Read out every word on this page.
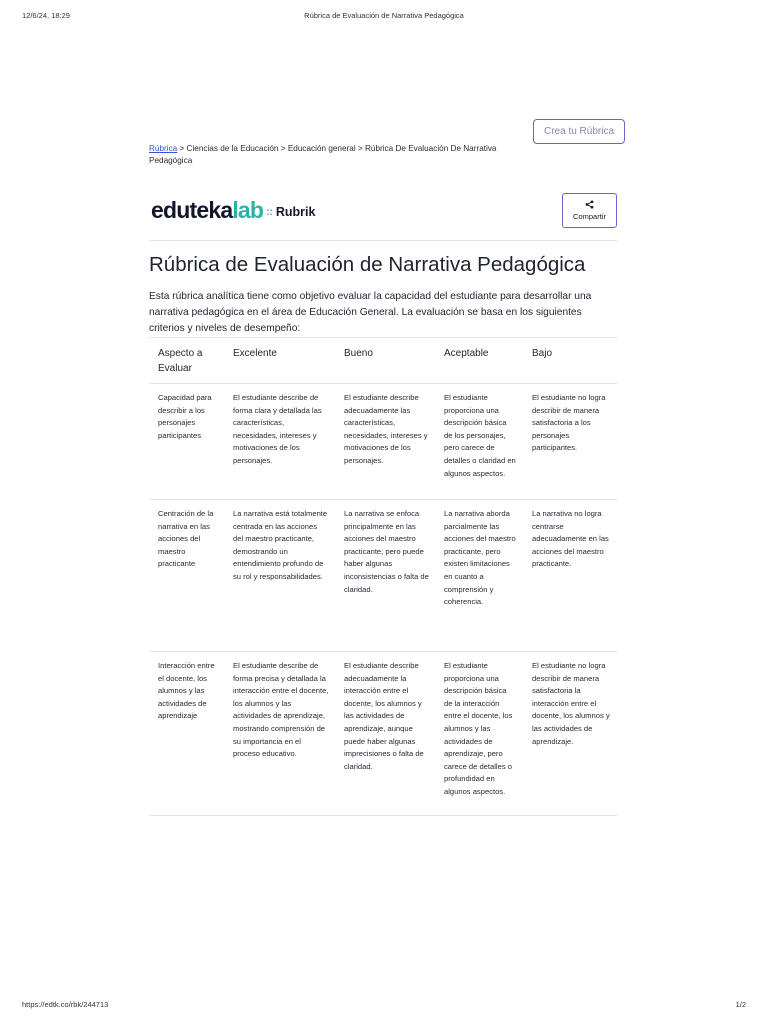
12/6/24, 18:29	Rúbrica de Evaluación de Narrativa Pedagógica
Crea tu Rúbrica
Rúbrica > Ciencias de la Educación > Educación general > Rúbrica De Evaluación De Narrativa Pedagógica
eduteka lab :: Rubrik	Compartir
Rúbrica de Evaluación de Narrativa Pedagógica

Esta rúbrica analítica tiene como objetivo evaluar la capacidad del estudiante para desarrollar una narrativa pedagógica en el área de Educación General. La evaluación se basa en los siguientes criterios y niveles de desempeño:

Aspecto a Evaluar	Excelente	Bueno	Aceptable	Bajo
Capacidad para describir a los personajes participantes	El estudiante describe de forma clara y detallada las características, necesidades, intereses y motivaciones de los personajes.	El estudiante describe adecuadamente las características, necesidades, intereses y motivaciones de los personajes.	El estudiante proporciona una descripción básica de los personajes, pero carece de detalles o claridad en algunos aspectos.	El estudiante no logra describir de manera satisfactoria a los personajes participantes.
Centración de la narrativa en las acciones del maestro practicante	La narrativa está totalmente centrada en las acciones del maestro practicante, demostrando un entendimiento profundo de su rol y responsabilidades.	La narrativa se enfoca principalmente en las acciones del maestro practicante, pero puede haber algunas inconsistencias o falta de claridad.	La narrativa aborda parcialmente las acciones del maestro practicante, pero existen limitaciones en cuanto a comprensión y coherencia.	La narrativa no logra centrarse adecuadamente en las acciones del maestro practicante.
Interacción entre el docente, los alumnos y las actividades de aprendizaje	El estudiante describe de forma precisa y detallada la interacción entre el docente, los alumnos y las actividades de aprendizaje, mostrando comprensión de su importancia en el proceso educativo.	El estudiante describe adecuadamente la interacción entre el docente, los alumnos y las actividades de aprendizaje, aunque puede haber algunas imprecisiones o falta de claridad.	El estudiante proporciona una descripción básica de la interacción entre el docente, los alumnos y las actividades de aprendizaje, pero carece de detalles o profundidad en algunos aspectos.	El estudiante no logra describir de manera satisfactoria la interacción entre el docente, los alumnos y las actividades de aprendizaje.
https://edtk.co/rbk/244713	1/2
